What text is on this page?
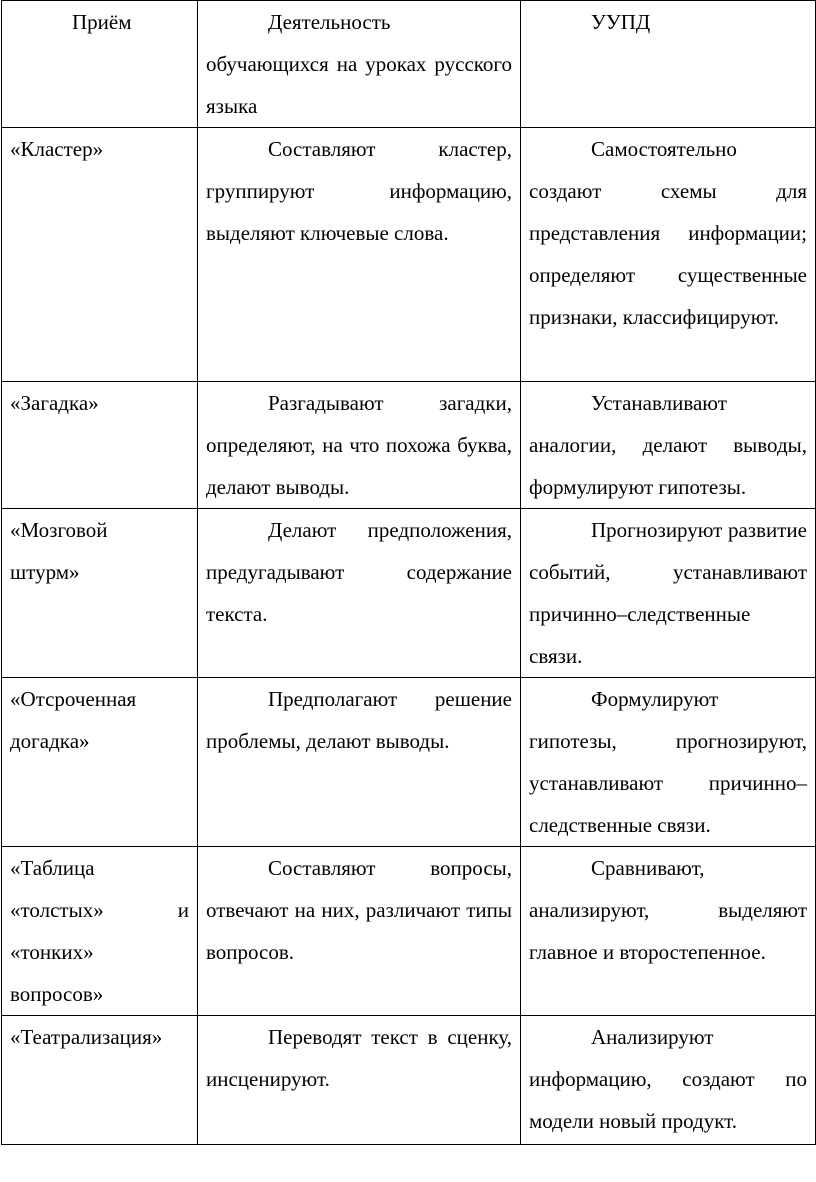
Приём	Деятельность обучающихся на уроках русского языка	УУПД

«Кластер»	Составляют кластер, группируют информацию, выделяют ключевые слова.	Самостоятельно создают схемы для представления информации; определяют существенные признаки, классифицируют.

«Загадка»	Разгадывают загадки, определяют, на что похожа буква, делают выводы.	Устанавливают аналогии, делают выводы, формулируют гипотезы.

«Мозговой штурм»	Делают предположения, предугадывают содержание текста.	Прогнозируют развитие событий, устанавливают причинно–следственные связи.

«Отсроченная догадка»	Предполагают решение проблемы, делают выводы.	Формулируют гипотезы, прогнозируют, устанавливают причинно–следственные связи.

«Таблица «толстых» и «тонких» вопросов»	Составляют вопросы, отвечают на них, различают типы вопросов.	Сравнивают, анализируют, выделяют главное и второстепенное.

«Театрализация»	Переводят текст в сценку, инсценируют.	Анализируют информацию, создают по модели новый продукт.
